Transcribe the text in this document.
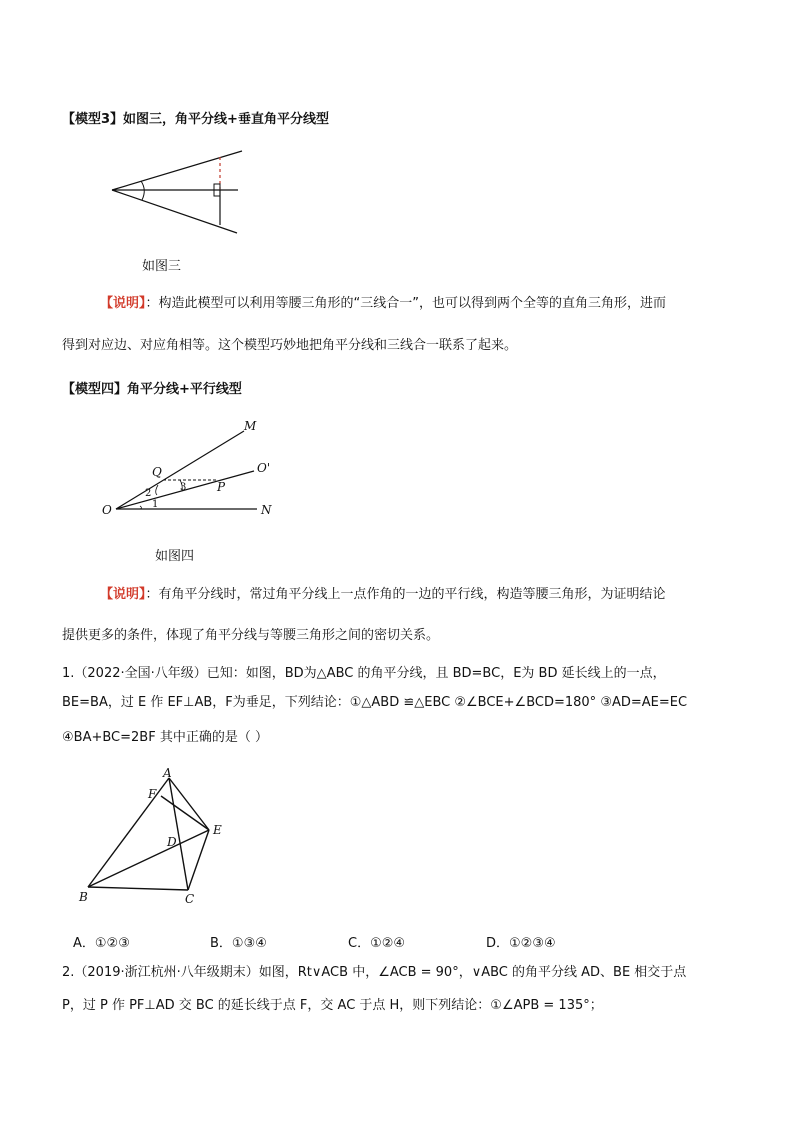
【模型3】如图三，角平分线+垂直角平分线型
如图三
【说明】：构造此模型可以利用等腰三角形的“三线合一”，也可以得到两个全等的直角三角形，进而
得到对应边、对应角相等。这个模型巧妙地把角平分线和三线合一联系了起来。
【模型四】角平分线+平行线型
M
O'
Q
P
O	N
1
2
3
如图四
【说明】：有角平分线时，常过角平分线上一点作角的一边的平行线，构造等腰三角形，为证明结论
提供更多的条件，体现了角平分线与等腰三角形之间的密切关系。
1.（2022·全国·八年级）已知：如图，BD为△ABC 的角平分线，且 BD=BC，E为 BD 延长线上的一点，
BE=BA，过 E 作 EF⊥AB，F为垂足，下列结论：①△ABD ≌△EBC ②∠BCE+∠BCD=180° ③AD=AE=EC
④BA+BC=2BF 其中正确的是（ ）
A
F
E
D
B	C
A．①②③	B．①③④	C．①②④	D．①②③④
2.（2019·浙江杭州·八年级期末）如图，Rt∨ACB 中，∠ACB = 90°，∨ABC 的角平分线 AD、BE 相交于点
P，过 P 作 PF⊥AD 交 BC 的延长线于点 F，交 AC 于点 H，则下列结论：①∠APB = 135°；
